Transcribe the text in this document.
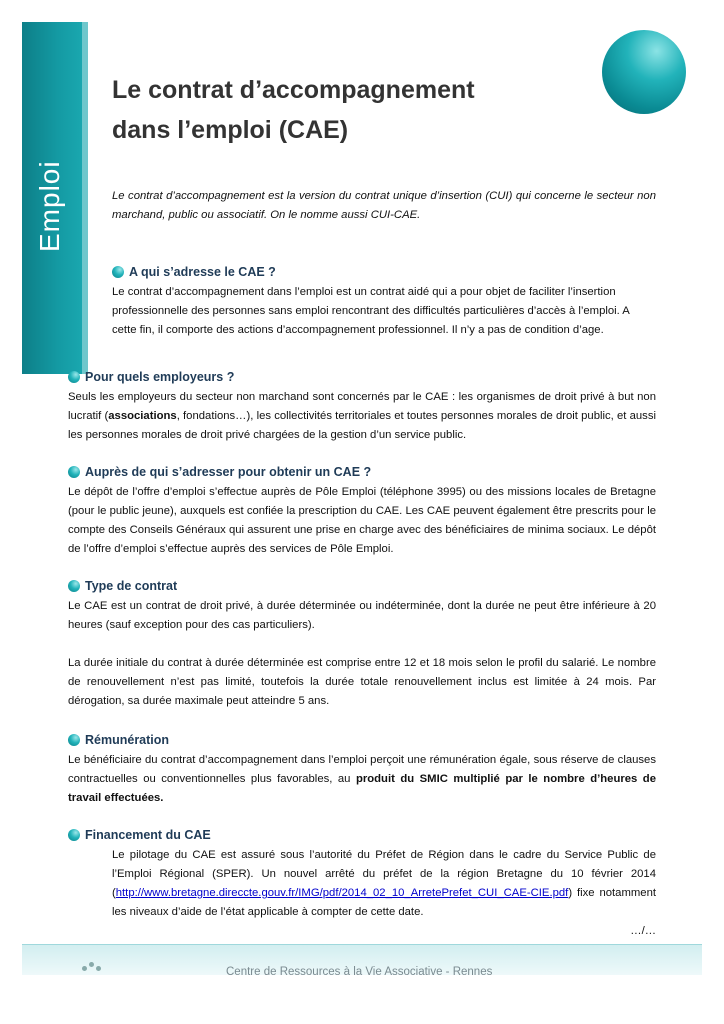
Emploi
Le contrat d’accompagnement
dans l’emploi (CAE)
Le contrat d’accompagnement est la version du contrat unique d’insertion (CUI) qui concerne le secteur non marchand, public ou associatif. On le nomme aussi CUI-CAE.
A qui s’adresse le CAE ?
Le contrat d’accompagnement dans l’emploi est un contrat aidé qui a pour objet de faciliter l’insertion professionnelle des personnes sans emploi rencontrant des difficultés particulières d’accès à l’emploi. A cette fin, il comporte des actions d’accompagnement professionnel. Il n’y a pas de condition d’age.
Pour quels employeurs ?
Seuls les employeurs du secteur non marchand sont concernés par le CAE : les organismes de droit privé à but non lucratif (associations, fondations…), les collectivités territoriales et toutes personnes morales de droit public, et aussi les personnes morales de droit privé chargées de la gestion d’un service public.
Auprès de qui s’adresser pour obtenir un CAE ?
Le dépôt de l’offre d’emploi s’effectue auprès de Pôle Emploi (téléphone 3995) ou des missions locales de Bretagne (pour le public jeune), auxquels est confiée la prescription du CAE. Les CAE peuvent également être prescrits pour le compte des Conseils Généraux qui assurent une prise en charge avec des bénéficiaires de minima sociaux. Le dépôt de l’offre d’emploi s’effectue auprès des services de Pôle Emploi.
Type de contrat
Le CAE est un contrat de droit privé, à durée déterminée ou indéterminée, dont la durée ne peut être inférieure à 20 heures (sauf exception pour des cas particuliers).
La durée initiale du contrat à durée déterminée est comprise entre 12 et 18 mois selon le profil du salarié. Le nombre de renouvellement n’est pas limité, toutefois la durée totale renouvellement inclus est limitée à 24 mois. Par dérogation, sa durée maximale peut atteindre 5 ans.
Rémunération
Le bénéficiaire du contrat d’accompagnement dans l’emploi perçoit une rémunération égale, sous réserve de clauses contractuelles ou conventionnelles plus favorables, au produit du SMIC multiplié par le nombre d’heures de travail effectuées.
Financement du CAE
Le pilotage du CAE est assuré sous l’autorité du Préfet de Région dans le cadre du Service Public de l’Emploi Régional (SPER). Un nouvel arrêté du préfet de la région Bretagne du 10 février 2014 (http://www.bretagne.direccte.gouv.fr/IMG/pdf/2014_02_10_ArretePrefet_CUI_CAE-CIE.pdf) fixe notamment les niveaux d’aide de l’état applicable à compter de cette date.
…/…
Centre de Ressources à la Vie Associative - Rennes
